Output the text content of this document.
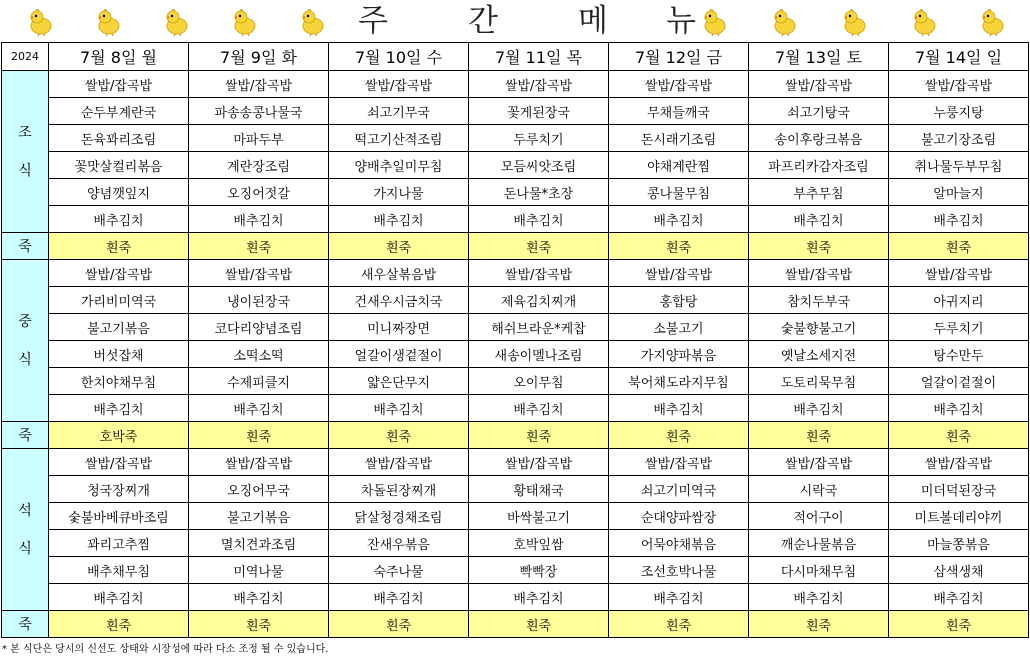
주	간	메 뉴
2024	7월 8일 월	7월 9일 화	7월 10일 수	7월 11일 목	7월 12일 금	7월 13일 토	7월 14일 일

조
식	쌀밥/잡곡밥	쌀밥/잡곡밥	쌀밥/잡곡밥	쌀밥/잡곡밥	쌀밥/잡곡밥	쌀밥/잡곡밥	쌀밥/잡곡밥
	순두부계란국	파송송콩나물국	쇠고기무국	꽃게된장국	무채들깨국	쇠고기탕국	누룽지탕
	돈육꽈리조림	마파두부	떡고기산적조림	두루치기	돈시래기조림	송이후랑크볶음	불고기장조림
	꽃맛살컬리볶음	계란장조림	양배추일미무침	모듬씨앗조림	야채계란찜	파프리카감자조림	취나물두부무침
	양념깻잎지	오징어젓갈	가지나물	돈나물*초장	콩나물무침	부추무침	알마늘지
	배추김치	배추김치	배추김치	배추김치	배추김치	배추김치	배추김치
죽	흰죽	흰죽	흰죽	흰죽	흰죽	흰죽	흰죽

중
식	쌀밥/잡곡밥	쌀밥/잡곡밥	새우살볶음밥	쌀밥/잡곡밥	쌀밥/잡곡밥	쌀밥/잡곡밥	쌀밥/잡곡밥
	가리비미역국	냉이된장국	건새우시금치국	제육김치찌개	홍합탕	참치두부국	아귀지리
	불고기볶음	코다리양념조림	미니짜장면	해쉬브라운*케찹	소불고기	숯불향불고기	두루치기
	버섯잡채	소떡소떡	얼갈이생겉절이	새송이멜나조림	가지양파볶음	옛날소세지전	탕수만두
	한치야채무침	수제피클지	얇은단무지	오이무침	북어채도라지무침	도토리묵무침	얼갈이겉절이
	배추김치	배추김치	배추김치	배추김치	배추김치	배추김치	배추김치
죽	호박죽	흰죽	흰죽	흰죽	흰죽	흰죽	흰죽

석
식	쌀밥/잡곡밥	쌀밥/잡곡밥	쌀밥/잡곡밥	쌀밥/잡곡밥	쌀밥/잡곡밥	쌀밥/잡곡밥	쌀밥/잡곡밥
	청국장찌개	오징어무국	차돌된장찌개	황태채국	쇠고기미역국	시락국	미더덕된장국
	숯불바베큐바조림	불고기볶음	닭살청경채조림	바싹불고기	순대양파쌈장	적어구이	미트볼데리야끼
	꽈리고추찜	멸치견과조림	잔새우볶음	호박잎쌈	어묵야채볶음	깨순나물볶음	마늘쫑볶음
	배추채무침	미역나물	숙주나물	빡빡장	조선호박나물	다시마채무침	삼색생채
	배추김치	배추김치	배추김치	배추김치	배추김치	배추김치	배추김치
죽	흰죽	흰죽	흰죽	흰죽	흰죽	흰죽	흰죽
* 본 식단은 당시의 신선도 상태와 시장성에 따라 다소 조정 될 수 있습니다.
